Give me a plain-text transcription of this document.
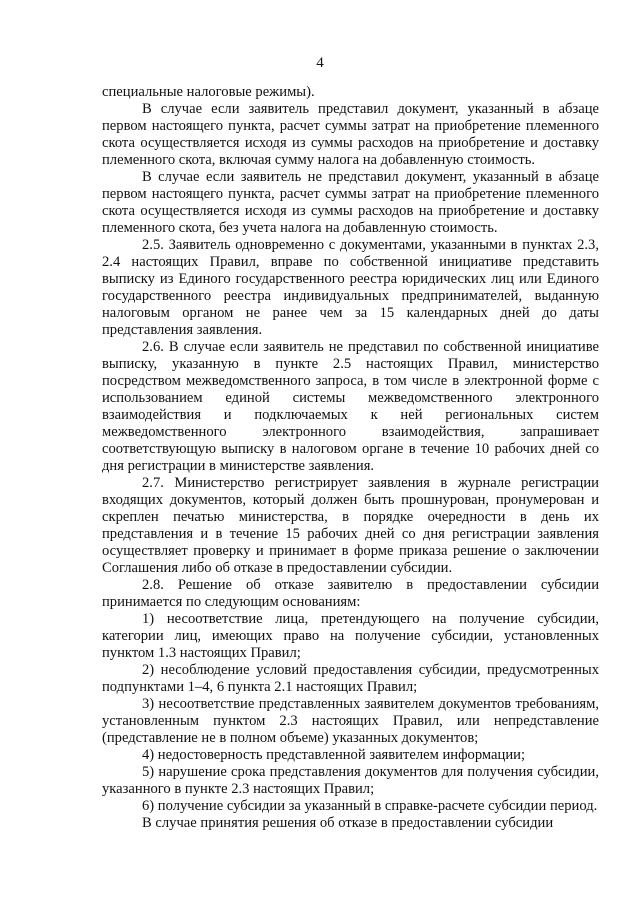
4

специальные налоговые режимы).

В случае если заявитель представил документ, указанный в абзаце первом настоящего пункта, расчет суммы затрат на приобретение племенного скота осуществляется исходя из суммы расходов на приобретение и доставку племенного скота, включая сумму налога на добавленную стоимость.

В случае если заявитель не представил документ, указанный в абзаце первом настоящего пункта, расчет суммы затрат на приобретение племенного скота осуществляется исходя из суммы расходов на приобретение и доставку племенного скота, без учета налога на добавленную стоимость.

2.5. Заявитель одновременно с документами, указанными в пунктах 2.3, 2.4 настоящих Правил, вправе по собственной инициативе представить выписку из Единого государственного реестра юридических лиц или Единого государственного реестра индивидуальных предпринимателей, выданную налоговым органом не ранее чем за 15 календарных дней до даты представления заявления.

2.6. В случае если заявитель не представил по собственной инициативе выписку, указанную в пункте 2.5 настоящих Правил, министерство посредством межведомственного запроса, в том числе в электронной форме с использованием единой системы межведомственного электронного взаимодействия и подключаемых к ней региональных систем межведомственного электронного взаимодействия, запрашивает соответствующую выписку в налоговом органе в течение 10 рабочих дней со дня регистрации в министерстве заявления.

2.7. Министерство регистрирует заявления в журнале регистрации входящих документов, который должен быть прошнурован, пронумерован и скреплен печатью министерства, в порядке очередности в день их представления и в течение 15 рабочих дней со дня регистрации заявления осуществляет проверку и принимает в форме приказа решение о заключении Соглашения либо об отказе в предоставлении субсидии.

2.8. Решение об отказе заявителю в предоставлении субсидии принимается по следующим основаниям:

1) несоответствие лица, претендующего на получение субсидии, категории лиц, имеющих право на получение субсидии, установленных пунктом 1.3 настоящих Правил;

2) несоблюдение условий предоставления субсидии, предусмотренных подпунктами 1–4, 6 пункта 2.1 настоящих Правил;

3) несоответствие представленных заявителем документов требованиям, установленным пунктом 2.3 настоящих Правил, или непредставление (представление не в полном объеме) указанных документов;

4) недостоверность представленной заявителем информации;

5) нарушение срока представления документов для получения субсидии, указанного в пункте 2.3 настоящих Правил;

6) получение субсидии за указанный в справке-расчете субсидии период.

В случае принятия решения об отказе в предоставлении субсидии
